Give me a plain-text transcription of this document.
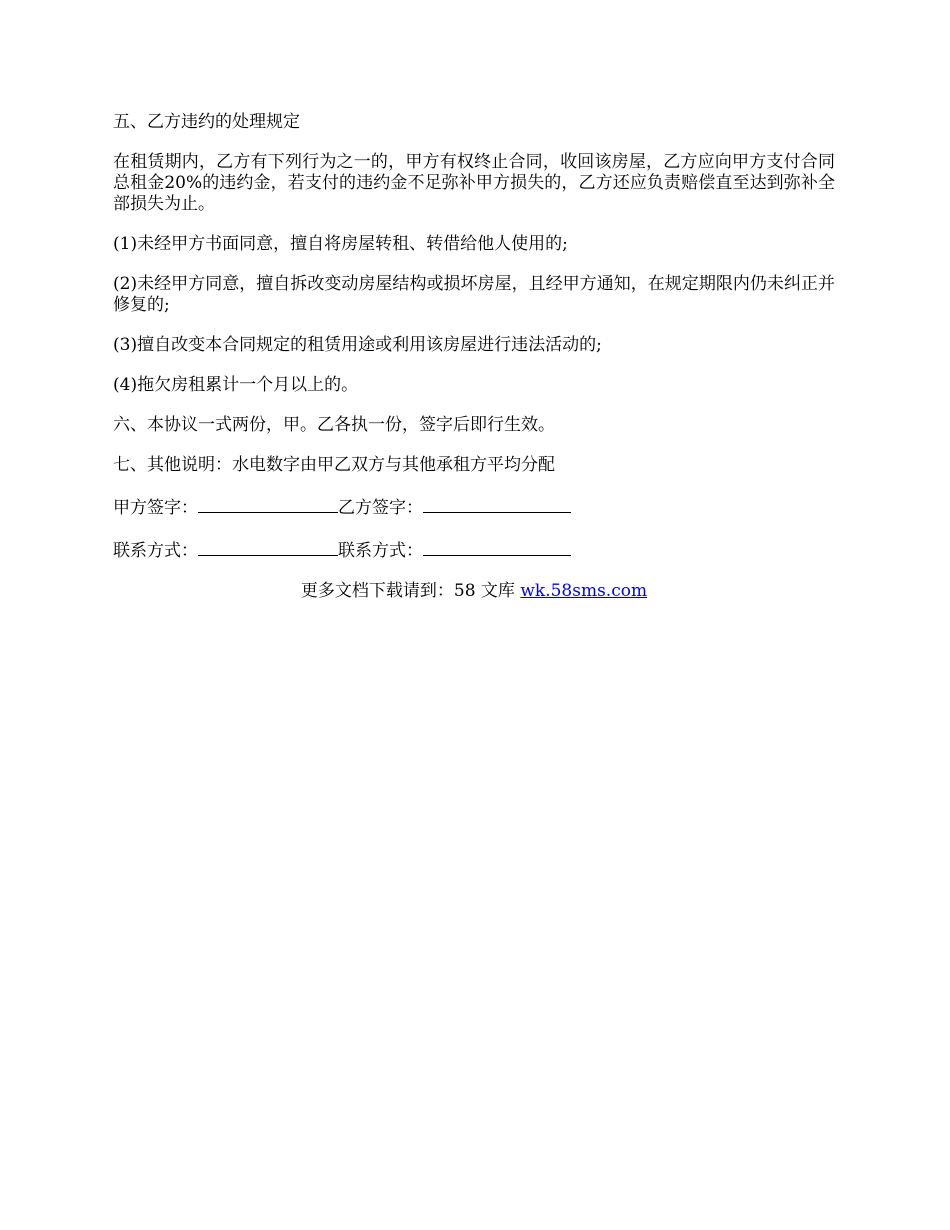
五、乙方违约的处理规定

在租赁期内，乙方有下列行为之一的，甲方有权终止合同，收回该房屋，乙方应向甲方支付合同总租金20%的违约金，若支付的违约金不足弥补甲方损失的，乙方还应负责赔偿直至达到弥补全部损失为止。

(1)未经甲方书面同意，擅自将房屋转租、转借给他人使用的;

(2)未经甲方同意，擅自拆改变动房屋结构或损坏房屋，且经甲方通知，在规定期限内仍未纠正并修复的;

(3)擅自改变本合同规定的租赁用途或利用该房屋进行违法活动的;

(4)拖欠房租累计一个月以上的。

六、本协议一式两份，甲。乙各执一份，签字后即行生效。

七、其他说明：水电数字由甲乙双方与其他承租方平均分配

甲方签字：	乙方签字：
联系方式：	联系方式：
更多文档下载请到：58 文库 wk.58sms.com
